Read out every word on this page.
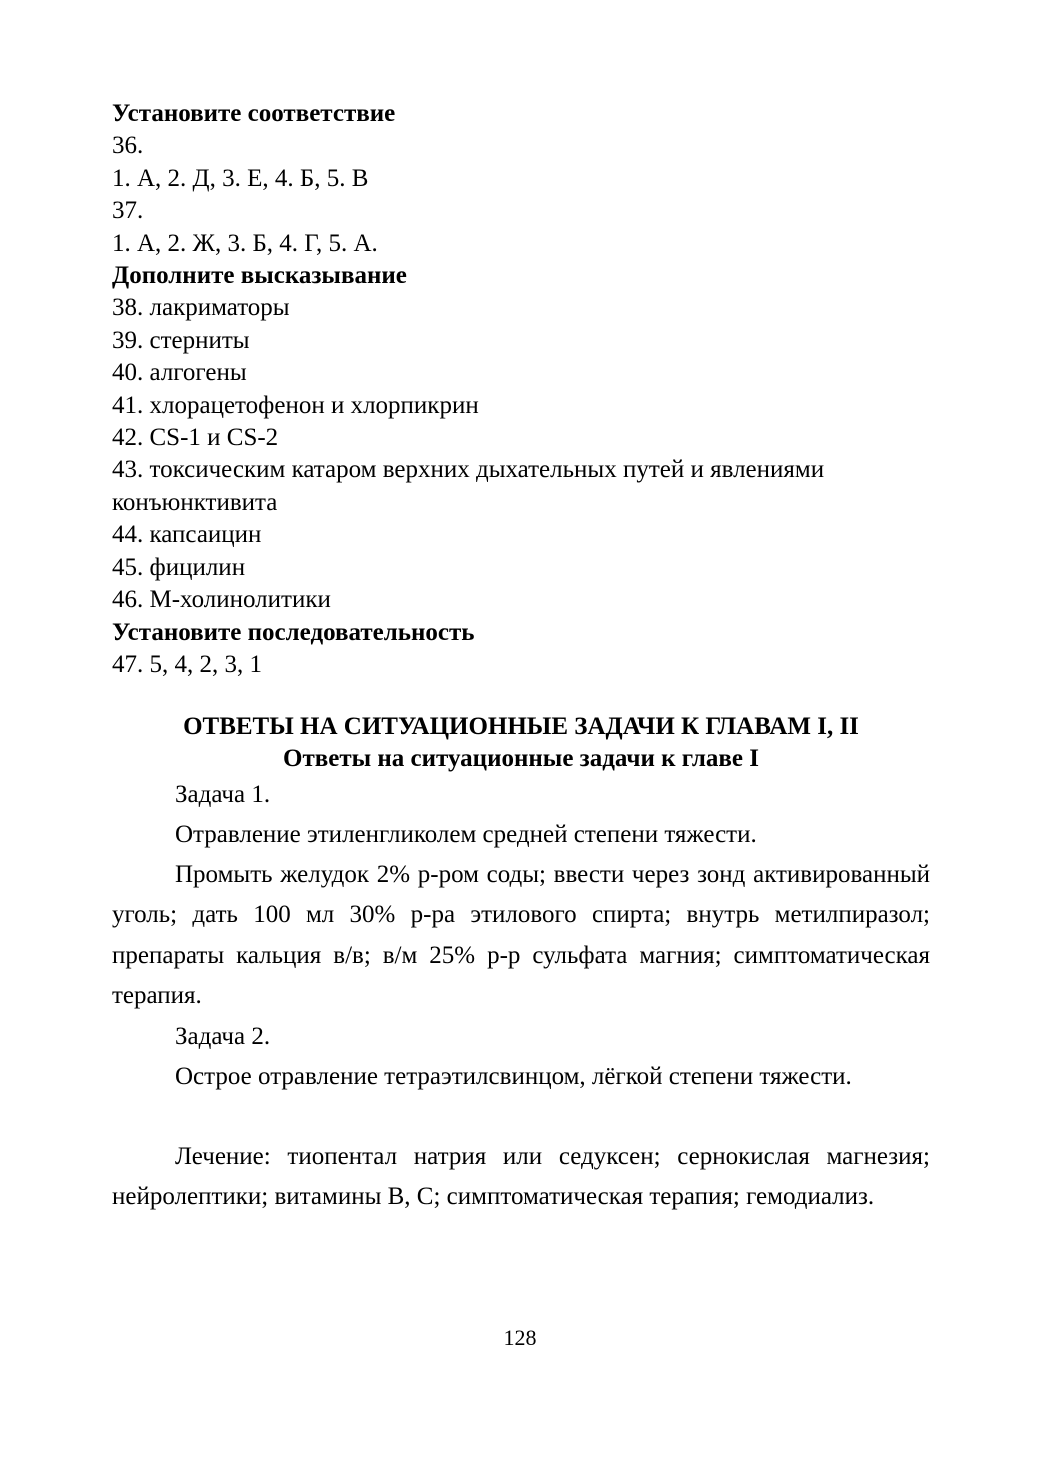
Установите соответствие
36.
1. А, 2. Д, 3. Е, 4. Б, 5. В
37.
1. А, 2. Ж, 3. Б, 4. Г, 5. А.
Дополните высказывание
38. лакриматоры
39. стерниты
40. алгогены
41. хлорацетофенон и хлорпикрин
42. CS-1 и CS-2
43. токсическим катаром верхних дыхательных путей и явлениями конъюнктивита
44. капсаицин
45. фицилин
46. М-холинолитики
Установите последовательность
47. 5, 4, 2, 3, 1
ОТВЕТЫ НА СИТУАЦИОННЫЕ ЗАДАЧИ К ГЛАВАМ I, II
Ответы на ситуационные задачи к главе I
Задача 1.
Отравление этиленгликолем средней степени тяжести.
Промыть желудок 2% р-ром соды; ввести через зонд активированный уголь; дать 100 мл 30% р-ра этилового спирта; внутрь метилпиразол; препараты кальция в/в; в/м 25% р-р сульфата магния; симптоматическая терапия.
Задача 2.
Острое отравление тетраэтилсвинцом, лёгкой степени тяжести.
Лечение: тиопентал натрия или седуксен; сернокислая магнезия; нейролептики; витамины В, С; симптоматическая терапия; гемодиализ.
128
